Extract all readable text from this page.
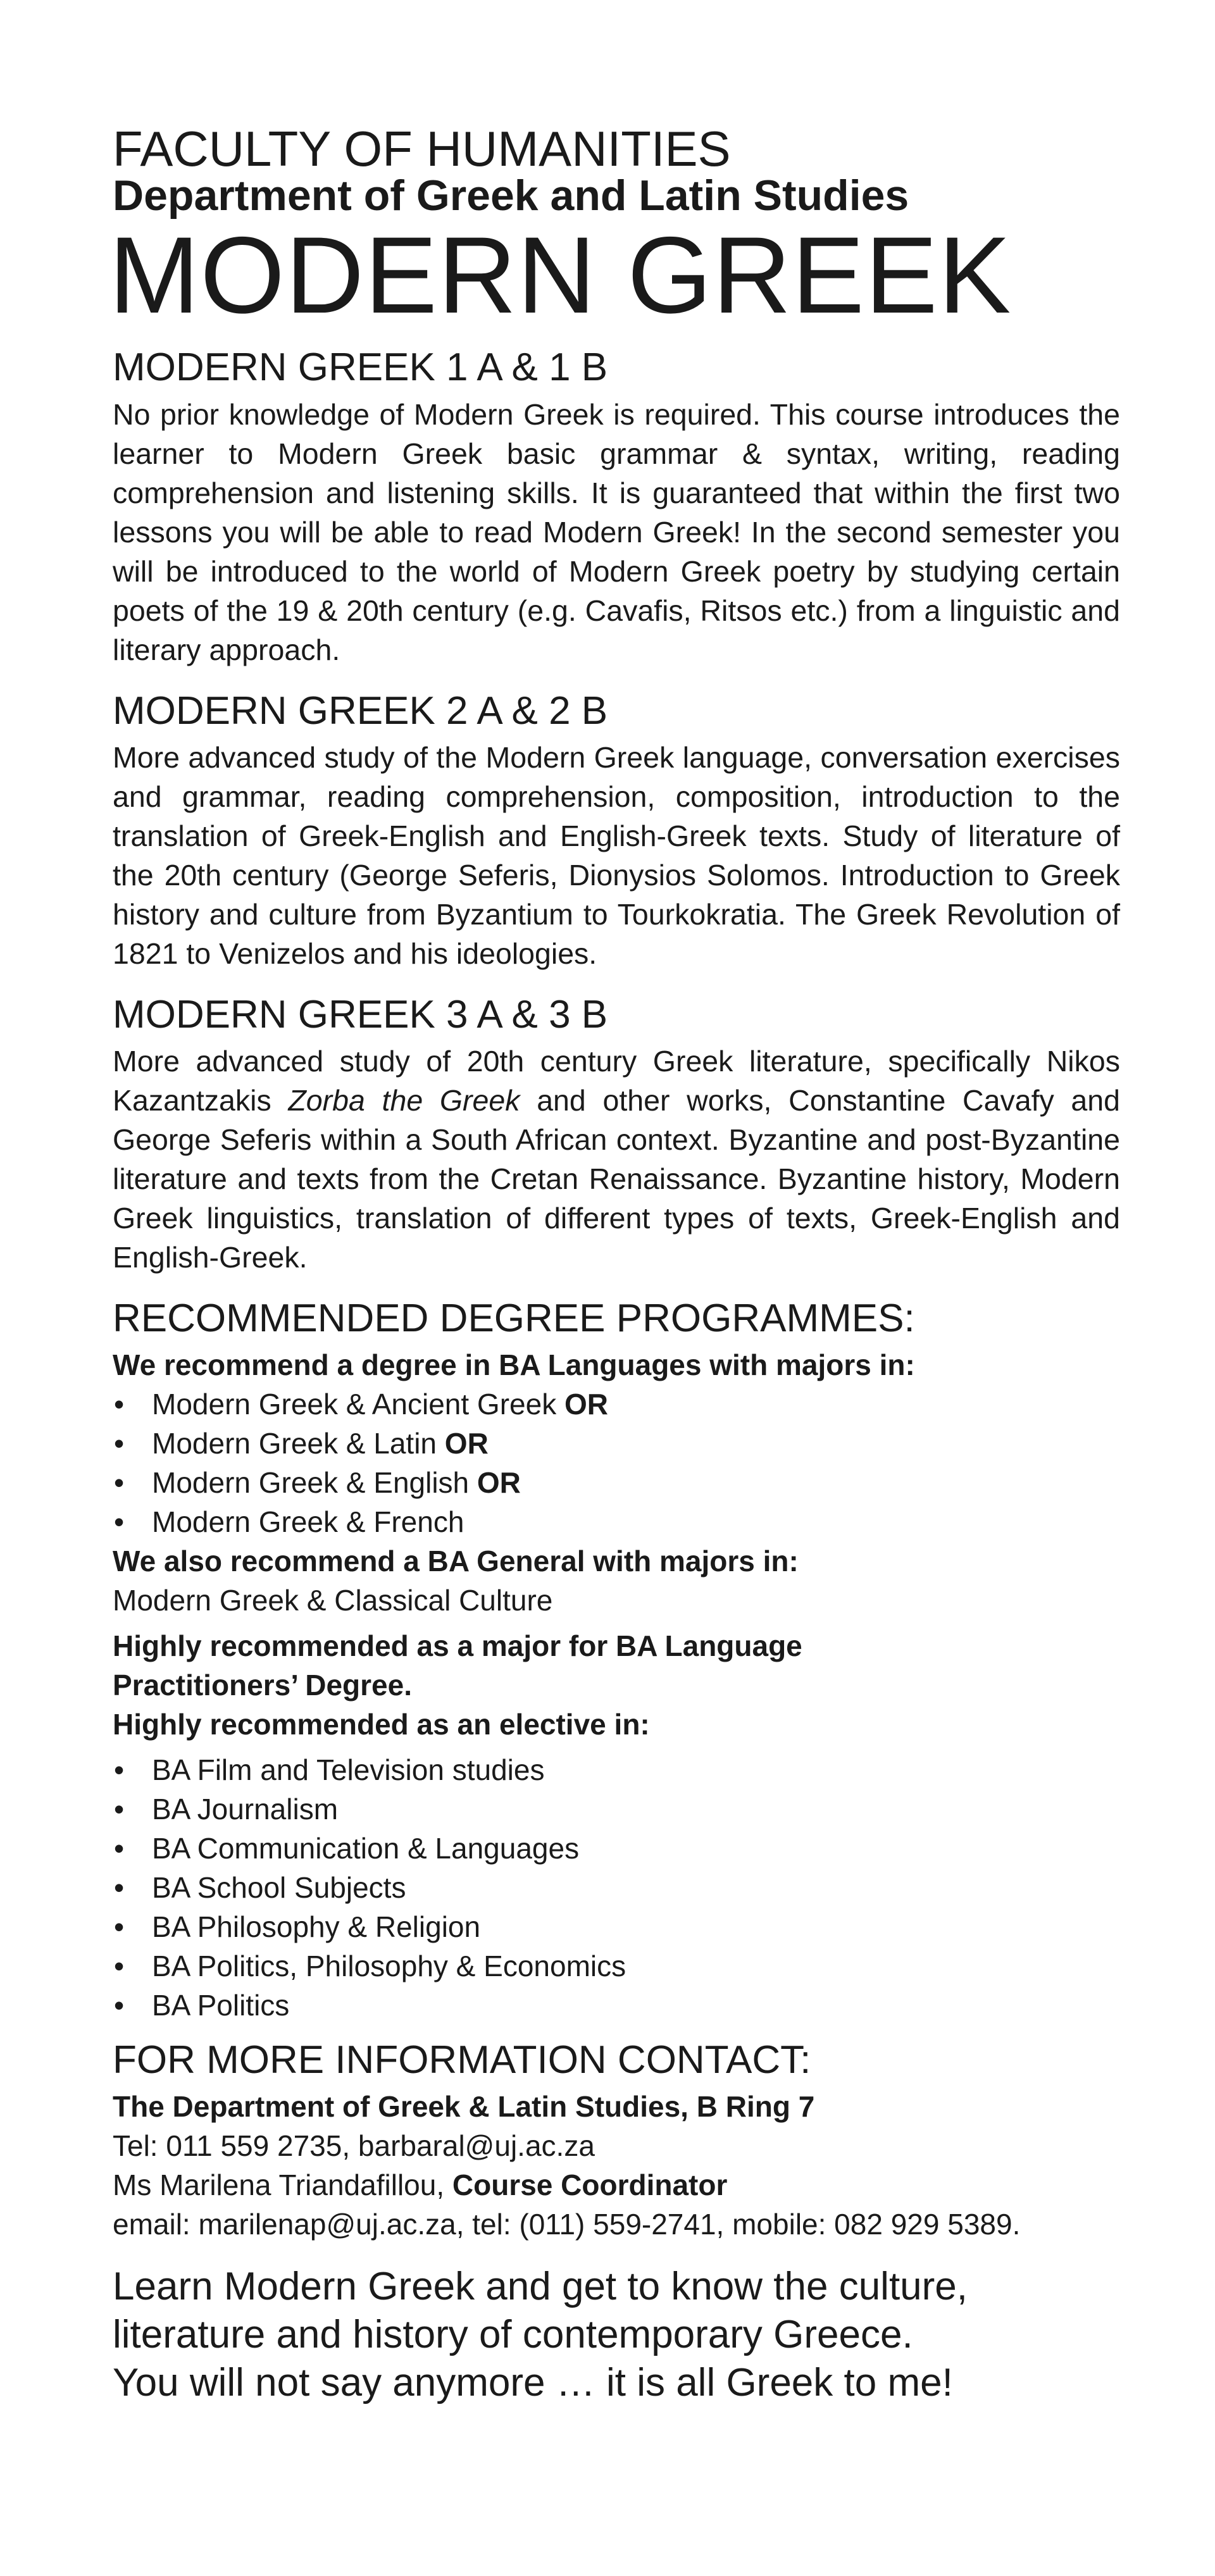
FACULTY OF HUMANITIES

Department of Greek and Latin Studies

MODERN GREEK
MODERN GREEK 1 A & 1 B

No prior knowledge of Modern Greek is required. This course introduces the learner to Modern Greek basic grammar & syntax, writing, reading comprehension and listening skills. It is guaranteed that within the first two lessons you will be able to read Modern Greek! In the second semester you will be introduced to the world of Modern Greek poetry by studying certain poets of the 19 & 20th century (e.g. Cavafis, Ritsos etc.) from a linguistic and literary approach.

MODERN GREEK 2 A & 2 B

More advanced study of the Modern Greek language, conversation exercises and grammar, reading comprehension, composition, introduction to the translation of Greek-English and English-Greek texts. Study of literature of the 20th century (George Seferis, Dionysios Solomos. Introduction to Greek history and culture from Byzantium to Tourkokratia. The Greek Revolution of 1821 to Venizelos and his ideologies.

MODERN GREEK 3 A & 3 B

More advanced study of 20th century Greek literature, specifically Nikos Kazantzakis Zorba the Greek and other works, Constantine Cavafy and George Seferis within a South African context. Byzantine and post-Byzantine literature and texts from the Cretan Renaissance. Byzantine history, Modern Greek linguistics, translation of different types of texts, Greek-English and English-Greek.

RECOMMENDED DEGREE PROGRAMMES:

We recommend a degree in BA Languages with majors in:

• Modern Greek & Ancient Greek OR
• Modern Greek & Latin OR
• Modern Greek & English OR
• Modern Greek & French

We also recommend a BA General with majors in:

Modern Greek & Classical Culture

Highly recommended as a major for BA Language

Practitioners’ Degree.

Highly recommended as an elective in:

• BA Film and Television studies
• BA Journalism
• BA Communication & Languages
• BA School Subjects
• BA Philosophy & Religion
• BA Politics, Philosophy & Economics
• BA Politics
FOR MORE INFORMATION CONTACT:

The Department of Greek & Latin Studies, B Ring 7

Tel: 011 559 2735, barbaral@uj.ac.za

Ms Marilena Triandafillou, Course Coordinator

email: marilenap@uj.ac.za, tel: (011) 559-2741, mobile: 082 929 5389.

Learn Modern Greek and get to know the culture,
literature and history of contemporary Greece.
You will not say anymore … it is all Greek to me!
